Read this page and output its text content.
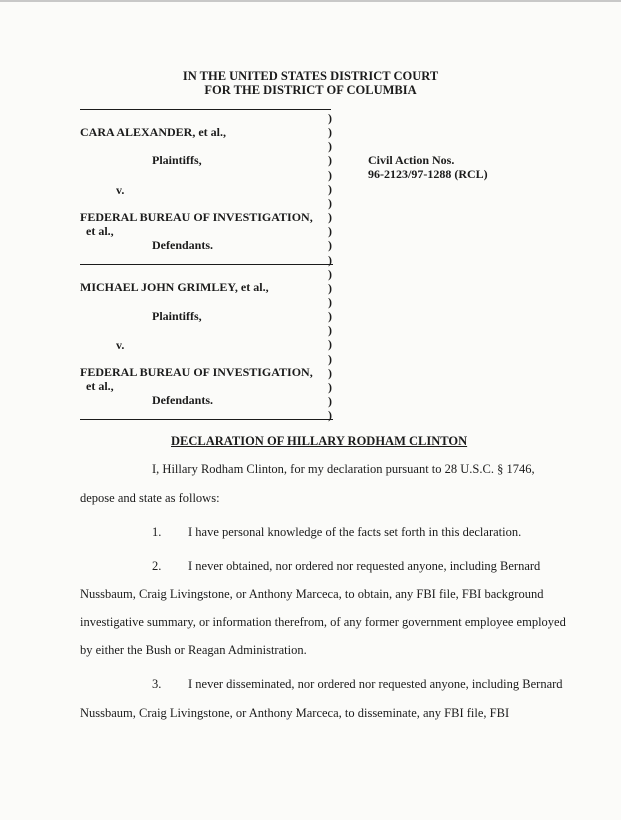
IN THE UNITED STATES DISTRICT COURT
FOR THE DISTRICT OF COLUMBIA
)
)
)
)
)
)
)
)
)
)
)
)
)
)
)
)
)
)
)
)
)
)
CARA ALEXANDER, et al.,
Plaintiffs,
v.
FEDERAL BUREAU OF INVESTIGATION,
et al.,
Defendants.
Civil Action Nos.
96-2123/97-1288 (RCL)
MICHAEL JOHN GRIMLEY, et al.,
Plaintiffs,
v.
FEDERAL BUREAU OF INVESTIGATION,
et al.,
Defendants.
DECLARATION OF HILLARY RODHAM CLINTON
I, Hillary Rodham Clinton, for my declaration pursuant to 28 U.S.C. § 1746,
depose and state as follows:
1. I have personal knowledge of the facts set forth in this declaration.
2. I never obtained, nor ordered nor requested anyone, including Bernard
Nussbaum, Craig Livingstone, or Anthony Marceca, to obtain, any FBI file, FBI background
investigative summary, or information therefrom, of any former government employee employed
by either the Bush or Reagan Administration.
3. I never disseminated, nor ordered nor requested anyone, including Bernard
Nussbaum, Craig Livingstone, or Anthony Marceca, to disseminate, any FBI file, FBI
